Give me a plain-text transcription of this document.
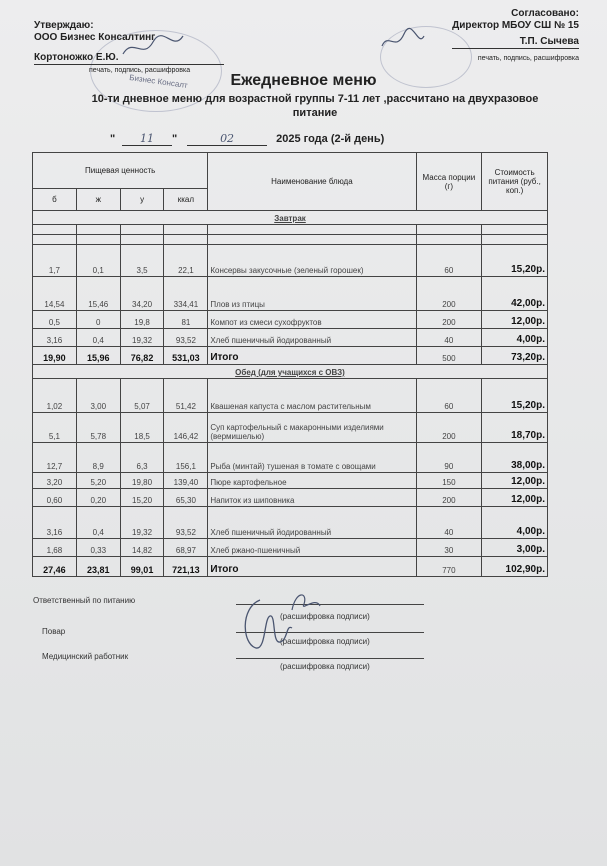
Утверждаю:
ООО Бизнес Консалтинг
Кортоножко Е.Ю.
печать, подпись, расшифровка
Бизнес Консалт
Согласовано:
Директор МБОУ СШ № 15
Т.П. Сычева
печать, подпись, расшифровка
Ежедневное меню
10-ти дневное меню для возрастной группы 7-11 лет ,рассчитано на двухразовое питание
" 11 "	02	2025 года (2-й день)
Пищевая ценность				Наименование блюда	Масса порции (г)	Стоимость питания (руб., коп.)
б	ж	у	ккал			
Завтрак						

1,7	0,1	3,5	22,1	Консервы закусочные (зеленый горошек)	60	15,20р.
14,54	15,46	34,20	334,41	Плов из птицы	200	42,00р.
0,5	0	19,8	81	Компот из смеси сухофруктов	200	12,00р.
3,16	0,4	19,32	93,52	Хлеб пшеничный йодированный	40	4,00р.
19,90	15,96	76,82	531,03	Итого	500	73,20р.
Обед (для учащихся с ОВЗ)						
1,02	3,00	5,07	51,42	Квашеная капуста с маслом растительным	60	15,20р.
5,1	5,78	18,5	146,42	Суп картофельный с макаронными изделиями (вермишелью)	200	18,70р.
12,7	8,9	6,3	156,1	Рыба (минтай) тушеная в томате с овощами	90	38,00р.
3,20	5,20	19,80	139,40	Пюре картофельное	150	12,00р.
0,60	0,20	15,20	65,30	Напиток из шиповника	200	12,00р.
3,16	0,4	19,32	93,52	Хлеб пшеничный йодированный	40	4,00р.
1,68	0,33	14,82	68,97	Хлеб ржано-пшеничный	30	3,00р.
27,46	23,81	99,01	721,13	Итого	770	102,90р.
Ответственный по питанию
(расшифровка подписи)
Повар
(расшифровка подписи)
Медицинский работник
(расшифровка подписи)
